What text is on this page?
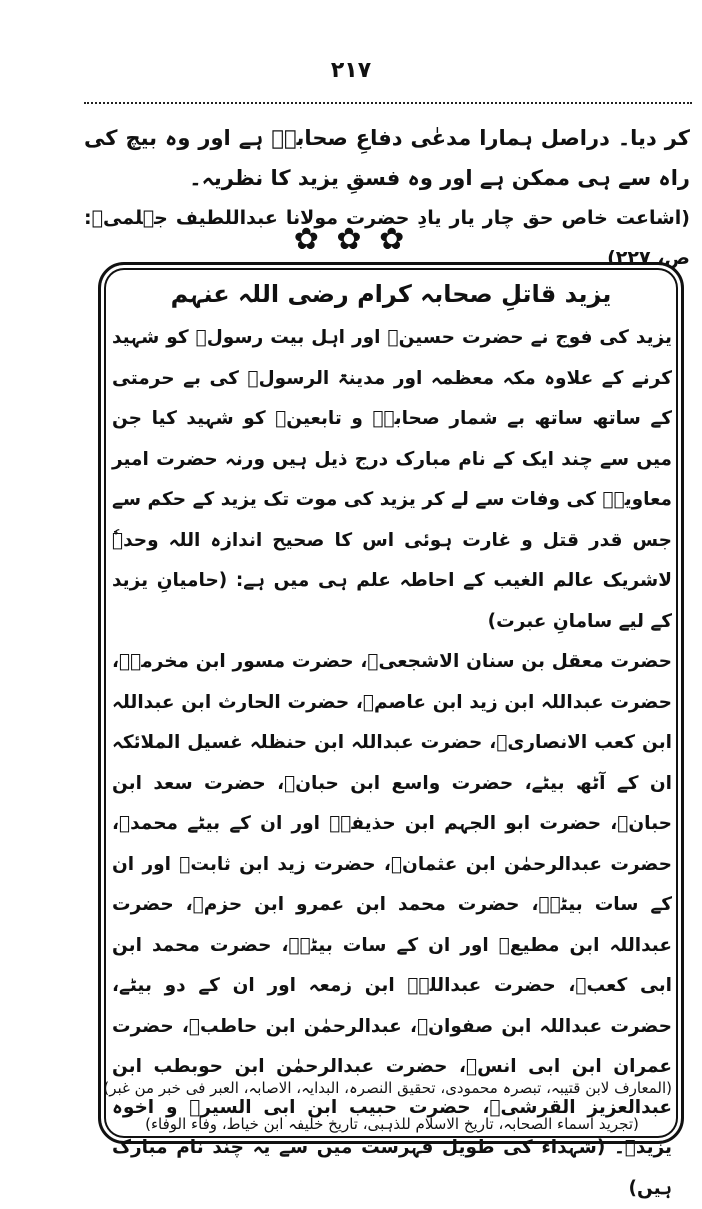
۲۱۷
کر دیا۔ دراصل ہمارا مدعٰی دفاعِ صحابہؓ ہے اور وہ بیچ کی راہ سے ہی ممکن ہے اور وہ فسقِ یزید کا نظریہ۔
(اشاعت خاص حق چار یار یادِ حضرت مولانا عبداللطیف جہلمیؒ: ص، ۲۲۷)
✿ ✿ ✿
یزید قاتلِ صحابہ کرام رضی اللہ عنہم

یزید کی فوج نے حضرت حسینؓ اور اہل بیت رسولؐ کو شہید کرنے کے علاوہ مکہ معظمہ اور مدینۃ الرسولؐ کی بے حرمتی کے ساتھ ساتھ بے شمار صحابہؓ و تابعینؒ کو شہید کیا جن میں سے چند ایک کے نام مبارک درج ذیل ہیں ورنہ حضرت امیر معاویہؓ کی وفات سے لے کر یزید کی موت تک یزید کے حکم سے جس قدر قتل و غارت ہوئی اس کا صحیح اندازہ اللہ وحدہٗ لاشریک عالم الغیب کے احاطہ علم ہی میں ہے: (حامیانِ یزید کے لیے سامانِ عبرت)

حضرت معقل بن سنان الاشجعیؓ، حضرت مسور ابن مخرمہؓ، حضرت عبداللہ ابن زید ابن عاصمؓ، حضرت الحارث ابن عبداللہ ابن کعب الانصاریؓ، حضرت عبداللہ ابن حنظلہ غسیل الملائکہ ان کے آٹھ بیٹے، حضرت واسع ابن حبانؓ، حضرت سعد ابن حبانؓ، حضرت ابو الجہم ابن حذیفہؓ اور ان کے بیٹے محمدؓ، حضرت عبدالرحمٰن ابن عثمانؓ، حضرت زید ابن ثابتؓ اور ان کے سات بیٹےؓ، حضرت محمد ابن عمرو ابن حزمؓ، حضرت عبداللہ ابن مطیعؓ اور ان کے سات بیٹےؓ، حضرت محمد ابن ابی کعبؓ، حضرت عبداللہؓ ابن زمعہ اور ان کے دو بیٹے، حضرت عبداللہ ابن صفوانؓ، عبدالرحمٰن ابن حاطبؓ، حضرت عمران ابن ابی انسؓ، حضرت عبدالرحمٰن ابن حوبطب ابن عبدالعزیز القرشیؓ، حضرت حبیب ابن ابی السیرؓ و اخوہ یزیدؓ۔ (شہداء کی طویل فہرست میں سے یہ چند نام مبارک ہیں)

(المعارف لابن قتیبہ، تبصرہ محمودی، تحقیق النصرہ، البدایہ، الاصابہ، العبر فی خبر من غبر)
(تجرید اسماء الصحابہ، تاریخ الاسلام للذہبی، تاریخ خلیفہ ابن خیاط، وفاء الوفاء)
